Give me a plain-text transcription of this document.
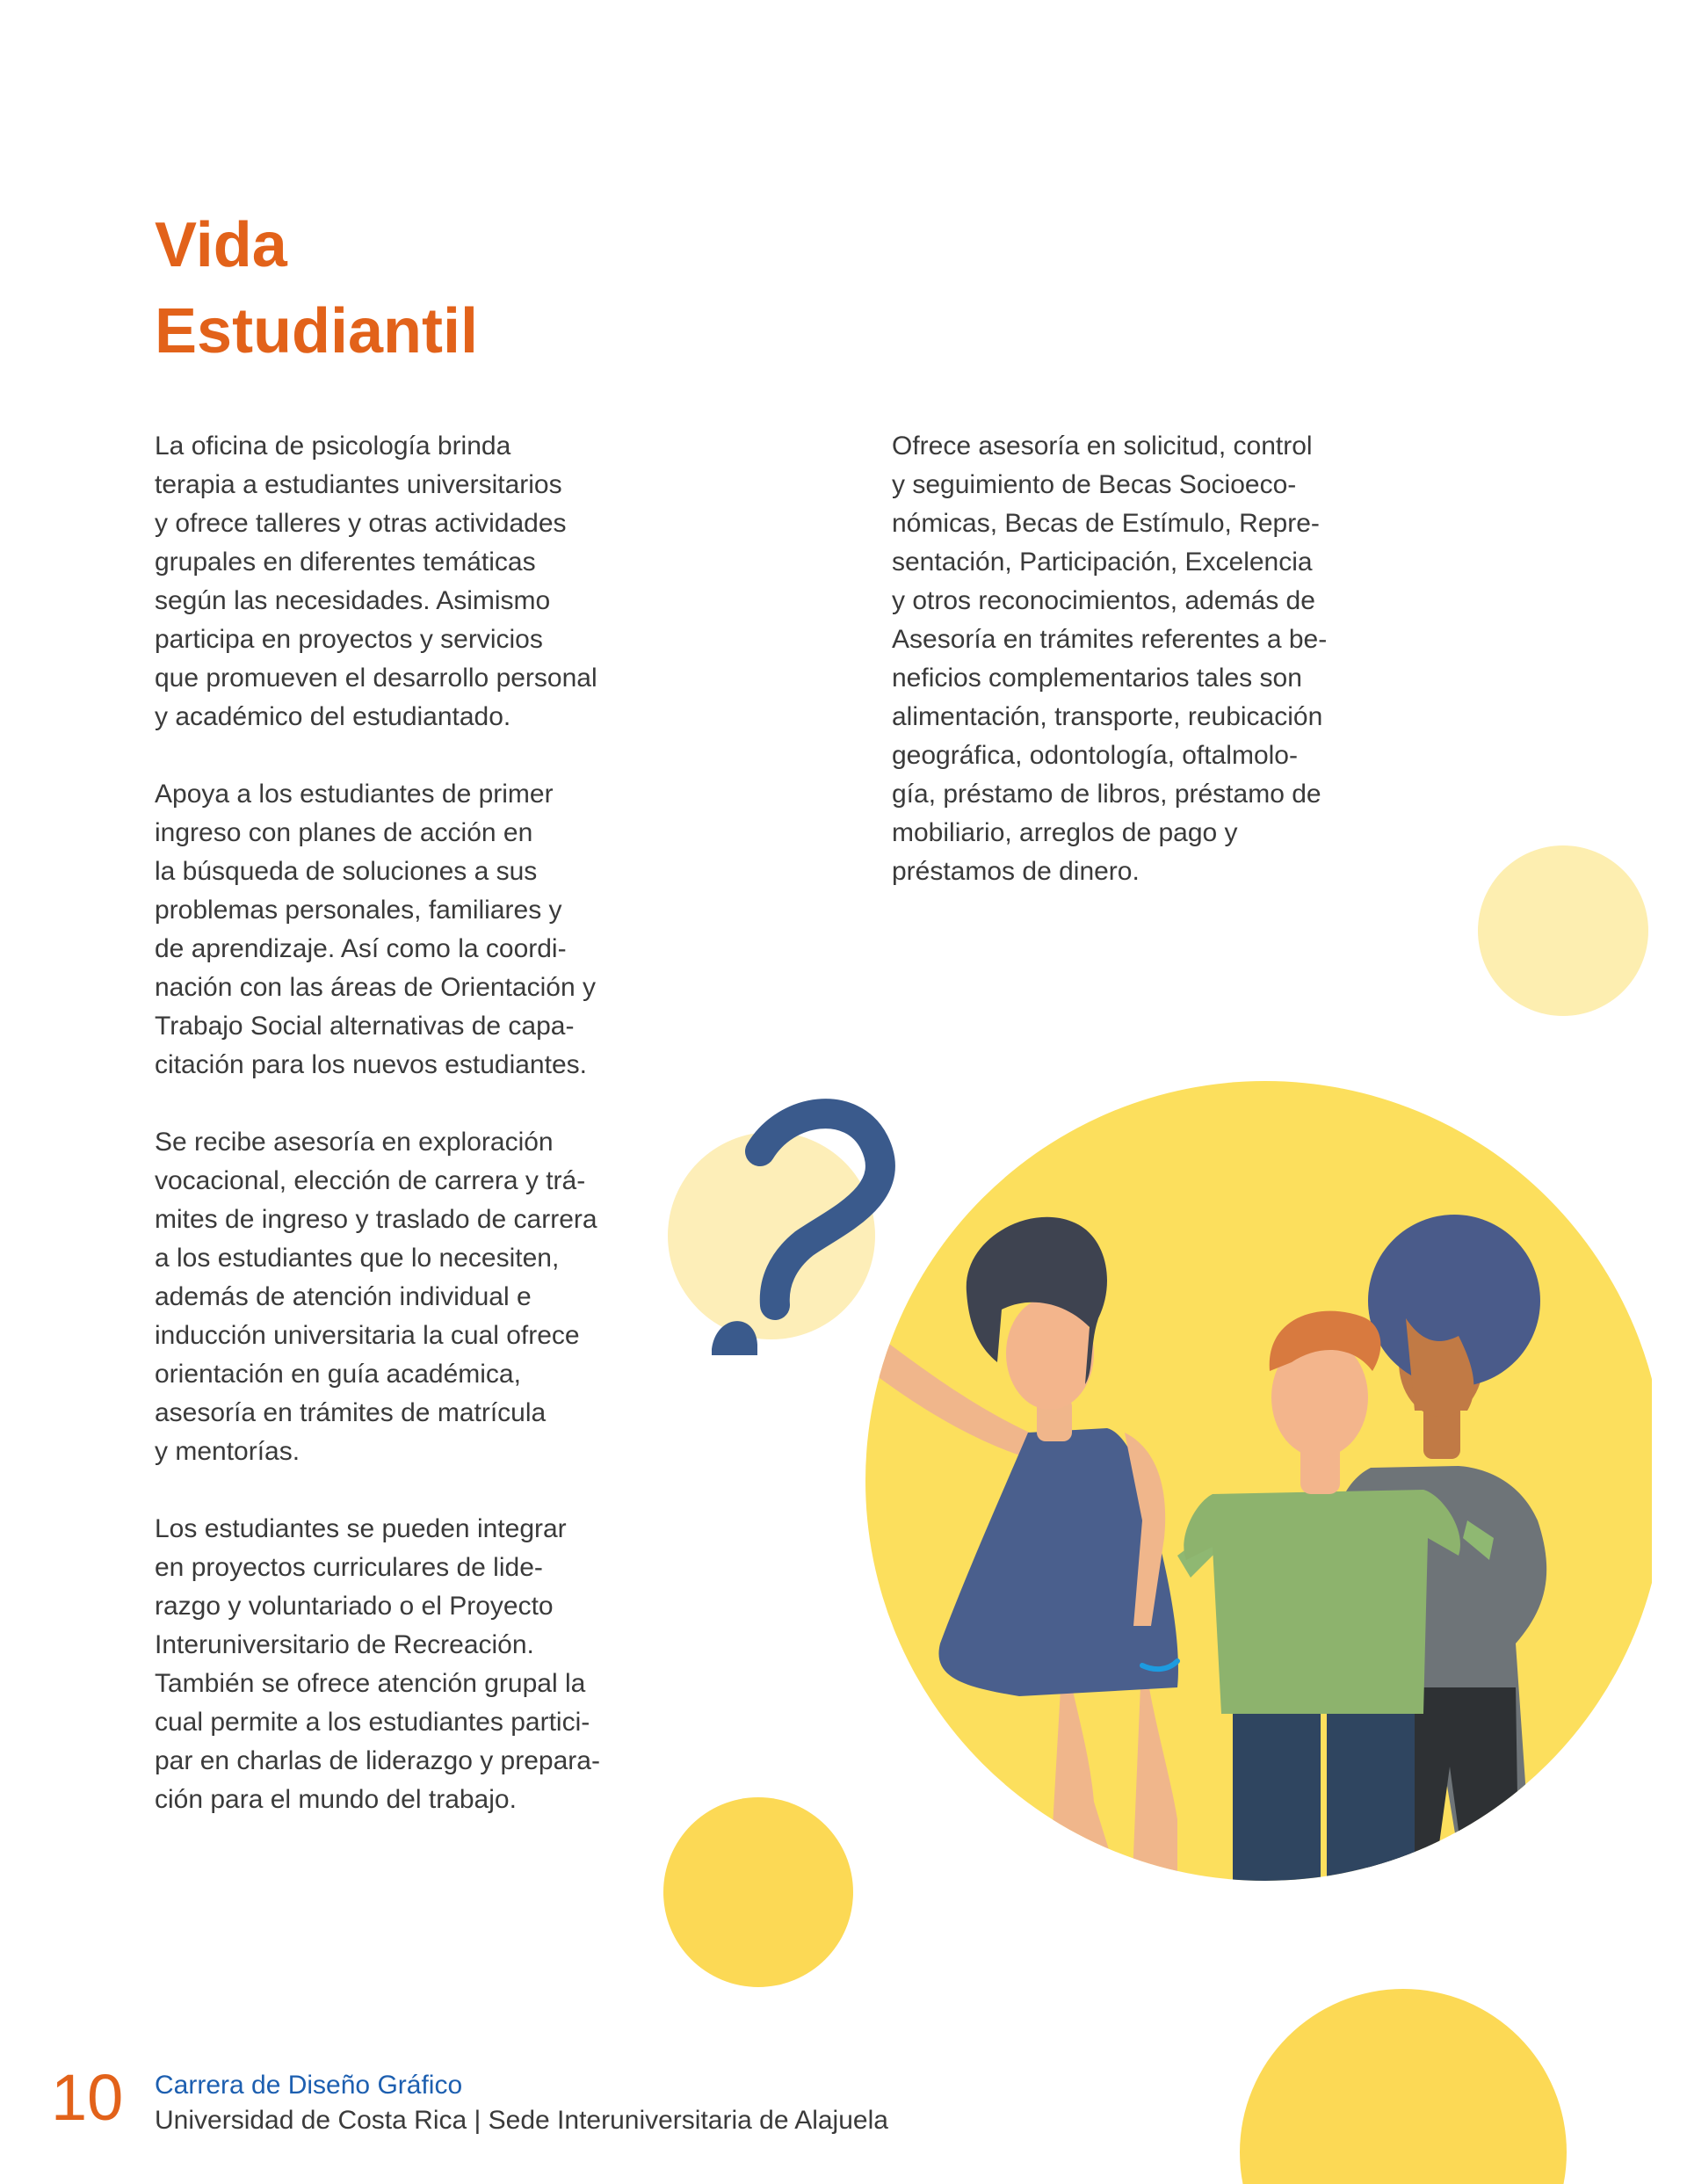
Vida
Estudiantil
La oficina de psicología brinda
terapia a estudiantes universitarios
y ofrece talleres y otras actividades
grupales en diferentes temáticas
según las necesidades. Asimismo
participa en proyectos y servicios
que promueven el desarrollo personal
y académico del estudiantado.
Apoya a los estudiantes de primer
ingreso con planes de acción en
la búsqueda de soluciones a sus
problemas personales, familiares y
de aprendizaje. Así como la coordi-
nación con las áreas de Orientación y
Trabajo Social alternativas de capa-
citación para los nuevos estudiantes.
Se recibe asesoría en exploración
vocacional, elección de carrera y trá-
mites de ingreso y traslado de carrera
a los estudiantes que lo necesiten,
además de atención individual e
inducción universitaria la cual ofrece
orientación en guía académica,
asesoría en trámites de matrícula
y mentorías.
Los estudiantes se pueden integrar
en proyectos curriculares de lide-
razgo y voluntariado o el Proyecto
Interuniversitario de Recreación.
También se ofrece atención grupal la
cual permite a los estudiantes partici-
par en charlas de liderazgo y prepara-
ción para el mundo del trabajo.
Ofrece asesoría en solicitud, control
y seguimiento de Becas Socioeco-
nómicas, Becas de Estímulo, Repre-
sentación, Participación, Excelencia
y otros reconocimientos, además de
Asesoría en trámites referentes a be-
neficios complementarios tales son
alimentación, transporte, reubicación
geográfica, odontología, oftalmolo-
gía, préstamo de libros, préstamo de
mobiliario, arreglos de pago y
préstamos de dinero.

10 Carrera de Diseño Gráfico

Universidad de Costa Rica | Sede Interuniversitaria de Alajuela
